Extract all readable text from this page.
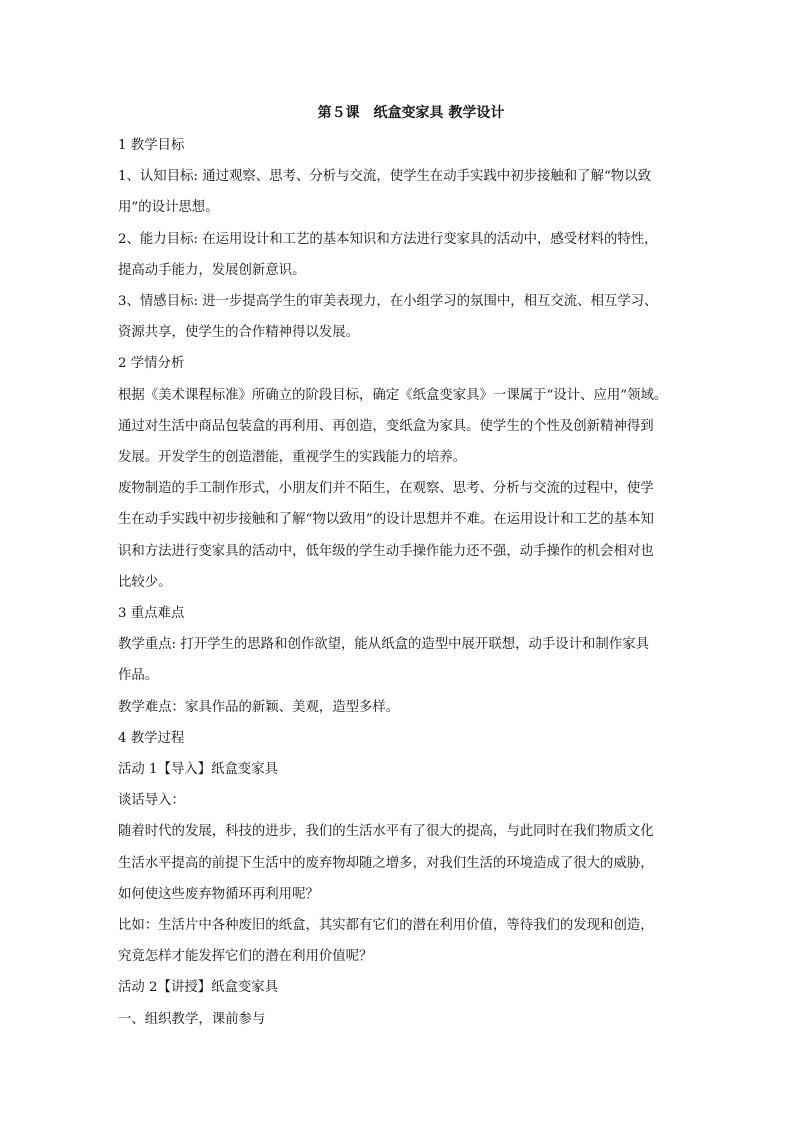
第５课　纸盒变家具 教学设计

1 教学目标

1、认知目标: 通过观察、思考、分析与交流，使学生在动手实践中初步接触和了解“物以致

用”的设计思想。

2、能力目标: 在运用设计和工艺的基本知识和方法进行变家具的活动中，感受材料的特性，

提高动手能力，发展创新意识。

3、情感目标: 进一步提高学生的审美表现力，在小组学习的氛围中，相互交流、相互学习、

资源共享，使学生的合作精神得以发展。

2 学情分析

根据《美术课程标准》所确立的阶段目标，确定《纸盒变家具》一课属于“设计、应用”领域。

通过对生活中商品包装盒的再利用、再创造，变纸盒为家具。使学生的个性及创新精神得到

发展。开发学生的创造潜能，重视学生的实践能力的培养。

废物制造的手工制作形式，小朋友们并不陌生，在观察、思考、分析与交流的过程中，使学

生在动手实践中初步接触和了解“物以致用”的设计思想并不难。在运用设计和工艺的基本知

识和方法进行变家具的活动中，低年级的学生动手操作能力还不强，动手操作的机会相对也

比较少。

3 重点难点

教学重点: 打开学生的思路和创作欲望，能从纸盒的造型中展开联想，动手设计和制作家具

作品。

教学难点：家具作品的新颖、美观，造型多样。

4 教学过程

活动 1【导入】纸盒变家具

谈话导入：

随着时代的发展，科技的进步，我们的生活水平有了很大的提高，与此同时在我们物质文化

生活水平提高的前提下生活中的废弃物却随之增多，对我们生活的环境造成了很大的威胁，

如何使这些废弃物循环再利用呢？

比如：生活片中各种废旧的纸盒，其实都有它们的潜在利用价值，等待我们的发现和创造，

究竟怎样才能发挥它们的潜在利用价值呢？

活动 2【讲授】纸盒变家具

一、组织教学，课前参与
